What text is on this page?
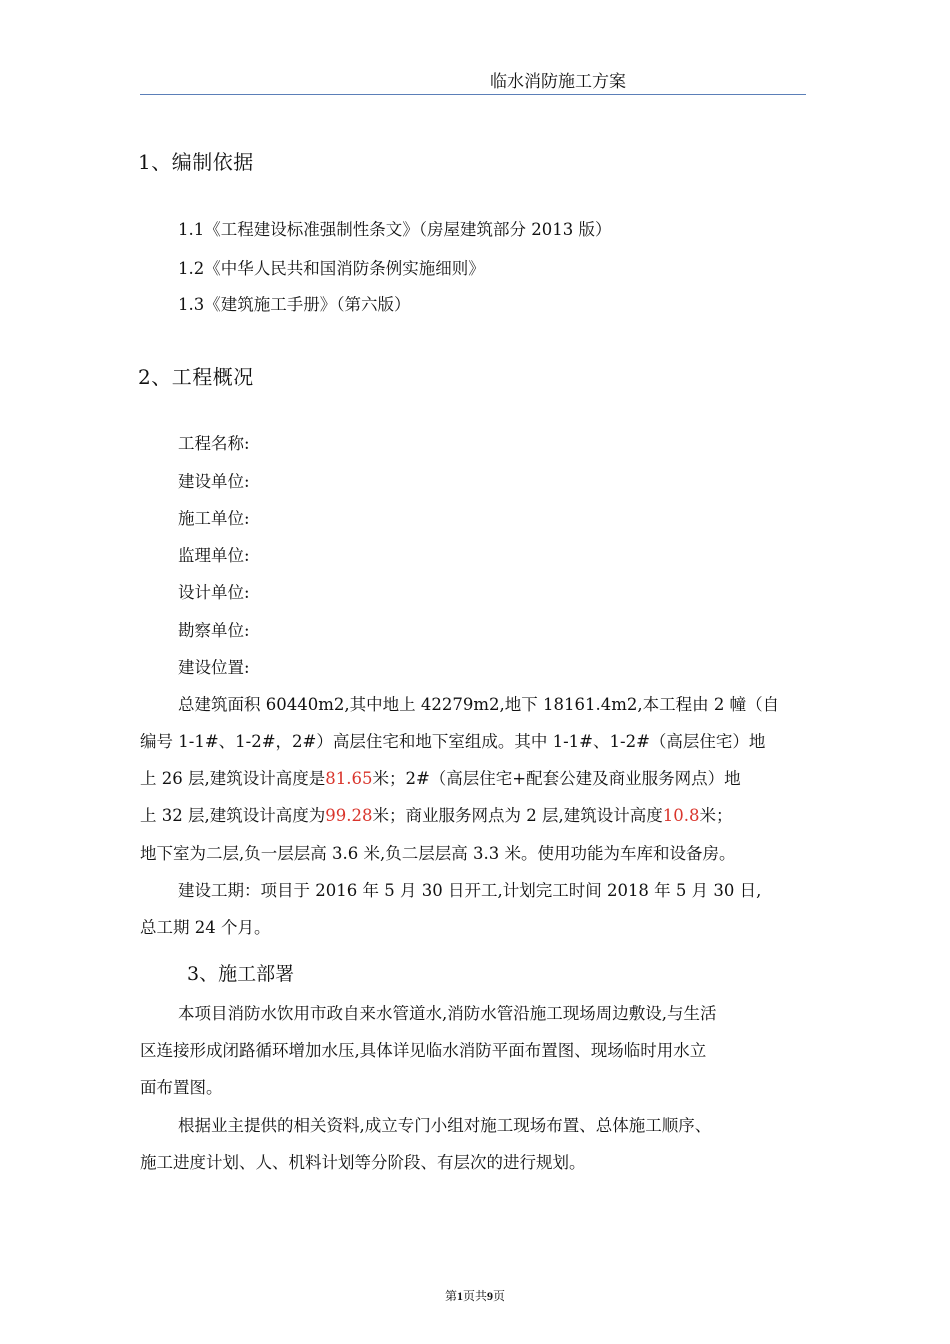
临水消防施工方案
1、编制依据
1.1《工程建设标准强制性条文》（房屋建筑部分 2013 版）
1.2《中华人民共和国消防条例实施细则》
1.3《建筑施工手册》（第六版）
2、工程概况
工程名称:
建设单位:
施工单位:
监理单位:
设计单位:
勘察单位:
建设位置:
总建筑面积 60440m2,其中地上 42279m2,地下 18161.4m2,本工程由 2 幢（自
编号 1-1#、1-2#，2#）高层住宅和地下室组成。其中 1-1#、1-2#（高层住宅）地
上 26 层,建筑设计高度是81.65米；2#（高层住宅+配套公建及商业服务网点）地
上 32 层,建筑设计高度为99.28米；商业服务网点为 2 层,建筑设计高度10.8米；
地下室为二层,负一层层高 3.6 米,负二层层高 3.3 米。使用功能为车库和设备房。
建设工期：项目于 2016 年 5 月 30 日开工,计划完工时间 2018 年 5 月 30 日,
总工期 24 个月。
3、施工部署
本项目消防水饮用市政自来水管道水,消防水管沿施工现场周边敷设,与生活
区连接形成闭路循环增加水压,具体详见临水消防平面布置图、现场临时用水立
面布置图。
根据业主提供的相关资料,成立专门小组对施工现场布置、总体施工顺序、
施工进度计划、人、机料计划等分阶段、有层次的进行规划。
第1页共9页
